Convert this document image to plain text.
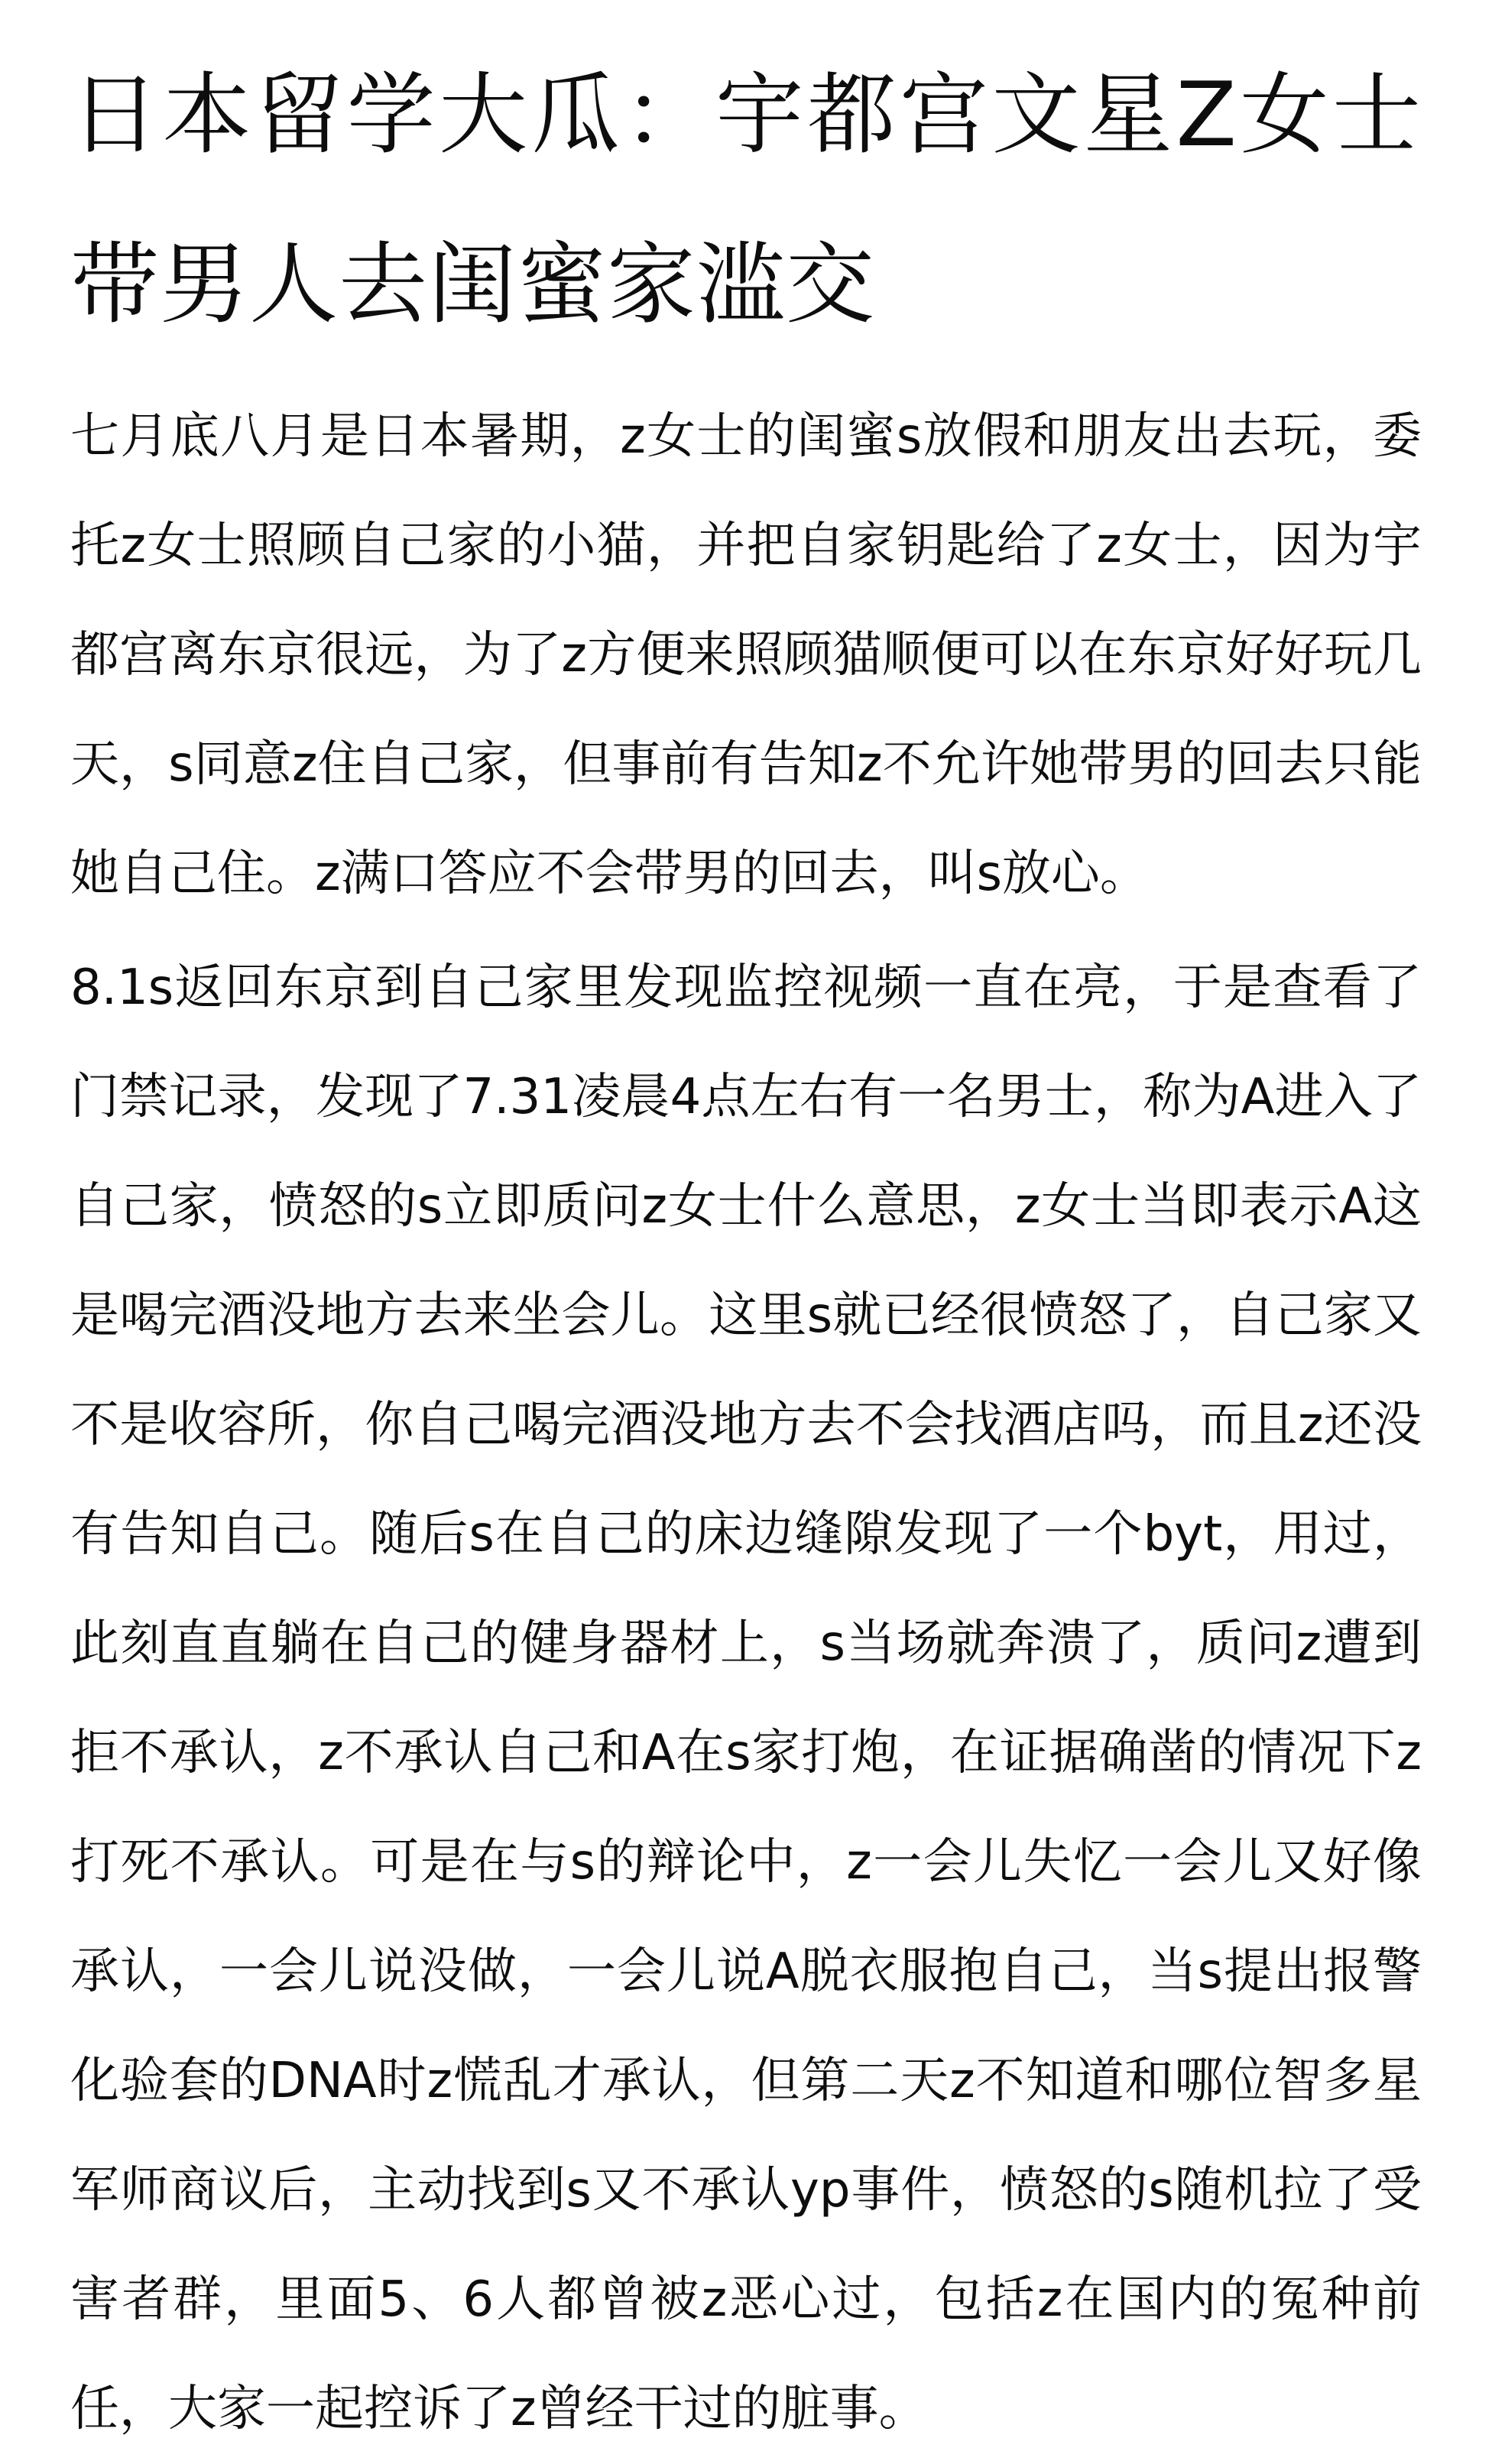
日本留学大瓜：宇都宫文星Z女士 带男人去闺蜜家滥交

七月底八月是日本暑期，z女士的闺蜜s放假和朋友出去玩，委托z女士照顾自己家的小猫，并把自家钥匙给了z女士，因为宇都宫离东京很远，为了z方便来照顾猫顺便可以在东京好好玩几天，s同意z住自己家，但事前有告知z不允许她带男的回去只能她自己住。z满口答应不会带男的回去，叫s放心。

8.1s返回东京到自己家里发现监控视频一直在亮，于是查看了门禁记录，发现了7.31凌晨4点左右有一名男士，称为A进入了自己家，愤怒的s立即质问z女士什么意思，z女士当即表示A这是喝完酒没地方去来坐会儿。这里s就已经很愤怒了，自己家又不是收容所，你自己喝完酒没地方去不会找酒店吗，而且z还没有告知自己。随后s在自己的床边缝隙发现了一个byt，用过，此刻直直躺在自己的健身器材上，s当场就奔溃了，质问z遭到拒不承认，z不承认自己和A在s家打炮，在证据确凿的情况下z打死不承认。可是在与s的辩论中，z一会儿失忆一会儿又好像承认，一会儿说没做，一会儿说A脱衣服抱自己，当s提出报警化验套的DNA时z慌乱才承认，但第二天z不知道和哪位智多星军师商议后，主动找到s又不承认yp事件，愤怒的s随机拉了受害者群，里面5、6人都曾被z恶心过，包括z在国内的冤种前任，大家一起控诉了z曾经干过的脏事。
